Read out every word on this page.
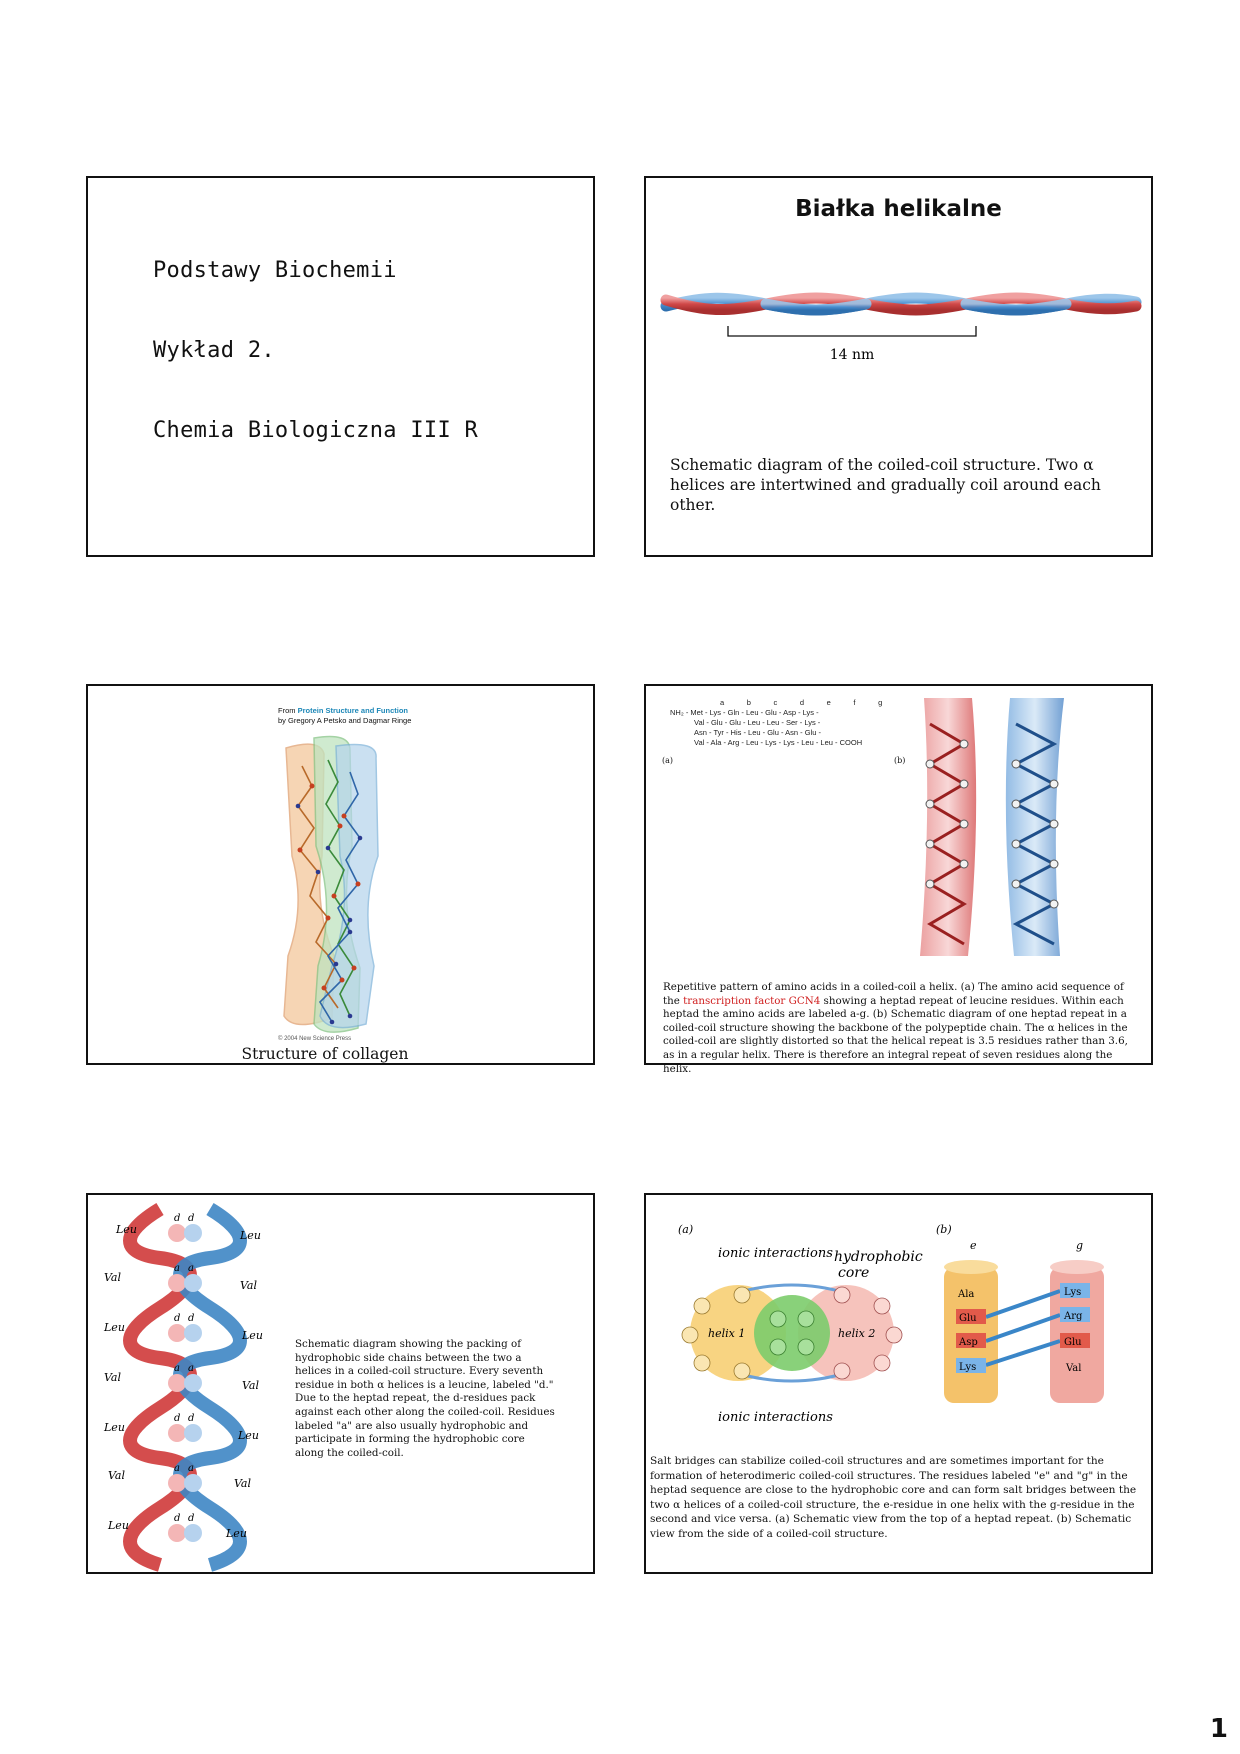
Podstawy Biochemii
Wykład 2.
Chemia Biologiczna III R
Białka helikalne
14 nm
Schematic diagram of the coiled-coil structure. Two α helices are intertwined and gradually coil around each other.
From Protein Structure and Function
by Gregory A Petsko and Dagmar Ringe
© 2004 New Science Press
Structure of collagen
a	b	c	d	e	f	g
NH₂ - Met - Lys - Gln - Leu - Glu - Asp - Lys -
Val - Glu - Glu - Leu - Leu - Ser - Lys -
Asn - Tyr - His - Leu - Glu - Asn - Glu -
Val - Ala - Arg - Leu - Lys - Lys - Leu - Leu - COOH
(a)	(b)
Repetitive pattern of amino acids in a coiled-coil a helix. (a) The amino acid sequence of the transcription factor GCN4 showing a heptad repeat of leucine residues. Within each heptad the amino acids are labeled a-g. (b) Schematic diagram of one heptad repeat in a coiled-coil structure showing the backbone of the polypeptide chain. The α helices in the coiled-coil are slightly distorted so that the helical repeat is 3.5 residues rather than 3.6, as in a regular helix. There is therefore an integral repeat of seven residues along the helix.
d d
a a
d d
a a
d d
a a
d d
Leu
Val
Leu
Val
Leu
Val
Leu
Leu
Val
Leu
Val
Leu
Val
Leu
Schematic diagram showing the packing of hydrophobic side chains between the two a helices in a coiled-coil structure. Every seventh residue in both α helices is a leucine, labeled "d." Due to the heptad repeat, the d-residues pack against each other along the coiled-coil. Residues labeled "a" are also usually hydrophobic and participate in forming the hydrophobic core along the coiled-coil.
(a)	(b)
ionic interactions hydrophobic
core
helix 1	helix 2
ionic interactions
e	g
Ala
Glu
Asp
Lys
Lys
Arg
Glu
Val
Salt bridges can stabilize coiled-coil structures and are sometimes important for the formation of heterodimeric coiled-coil structures. The residues labeled "e" and "g" in the heptad sequence are close to the hydrophobic core and can form salt bridges between the two α helices of a coiled-coil structure, the e-residue in one helix with the g-residue in the second and vice versa. (a) Schematic view from the top of a heptad repeat. (b) Schematic view from the side of a coiled-coil structure.
1
